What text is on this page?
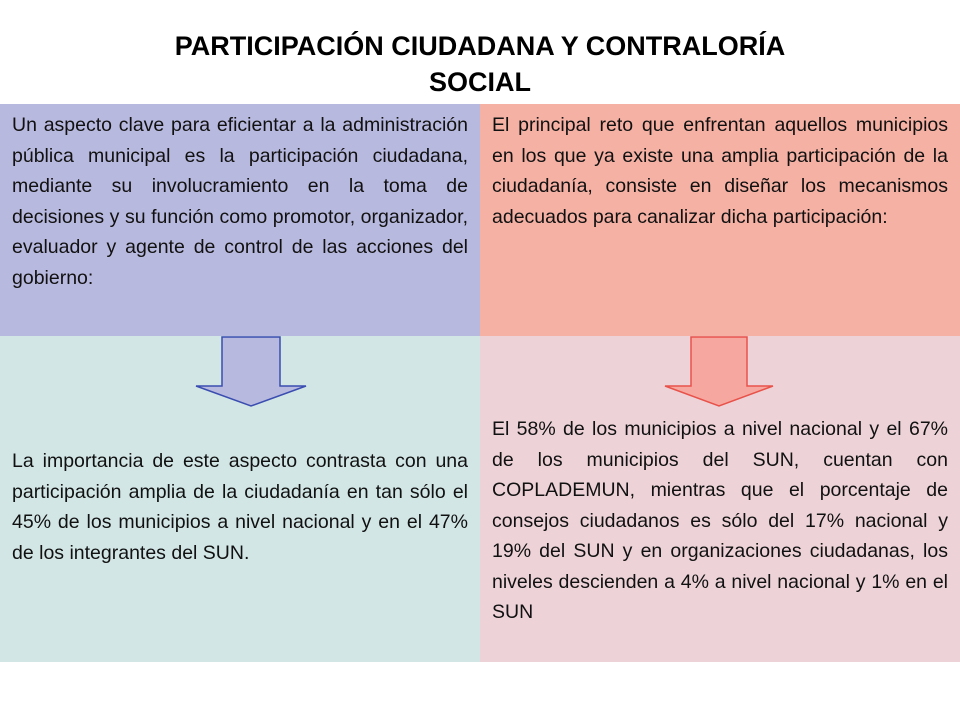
PARTICIPACIÓN CIUDADANA Y CONTRALORÍA
SOCIAL

Un aspecto clave para eficientar a la administración pública municipal es la participación ciudadana, mediante su involucramiento en la toma de decisiones y su función como promotor, organizador, evaluador y agente de control de las acciones del gobierno:

El principal reto que enfrentan aquellos municipios en los que ya existe una amplia participación de la ciudadanía, consiste en diseñar los mecanismos adecuados para canalizar dicha participación:

La importancia de este aspecto contrasta con una participación amplia de la ciudadanía en tan sólo el 45% de los municipios a nivel nacional y en el 47% de los integrantes del SUN.

El 58% de los municipios a nivel nacional y el 67% de los municipios del SUN, cuentan con COPLADEMUN, mientras que el porcentaje de consejos ciudadanos es sólo del 17% nacional y 19% del SUN y en organizaciones ciudadanas, los niveles descienden a 4% a nivel nacional y 1% en el SUN
